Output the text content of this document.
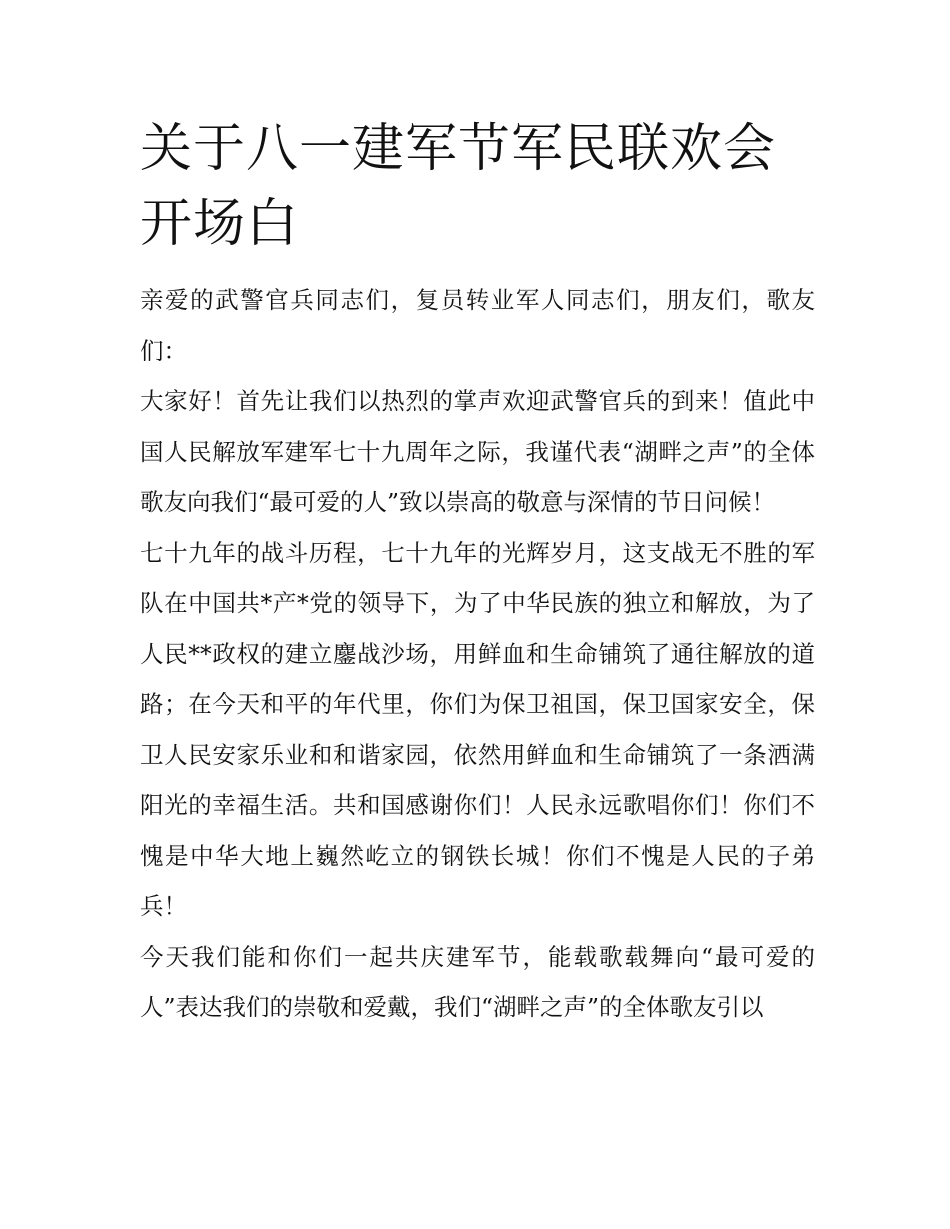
关于八一建军节军民联欢会开场白

亲爱的武警官兵同志们，复员转业军人同志们，朋友们，歌友们：

大家好！首先让我们以热烈的掌声欢迎武警官兵的到来！值此中国人民解放军建军七十九周年之际，我谨代表“湖畔之声”的全体歌友向我们“最可爱的人”致以崇高的敬意与深情的节日问候！

七十九年的战斗历程，七十九年的光辉岁月，这支战无不胜的军队在中国共*产*党的领导下，为了中华民族的独立和解放，为了人民**政权的建立鏖战沙场，用鲜血和生命铺筑了通往解放的道路；在今天和平的年代里，你们为保卫祖国，保卫国家安全，保卫人民安家乐业和和谐家园，依然用鲜血和生命铺筑了一条洒满阳光的幸福生活。共和国感谢你们！人民永远歌唱你们！你们不愧是中华大地上巍然屹立的钢铁长城！你们不愧是人民的子弟兵！

今天我们能和你们一起共庆建军节，能载歌载舞向“最可爱的人”表达我们的崇敬和爱戴，我们“湖畔之声”的全体歌友引以
